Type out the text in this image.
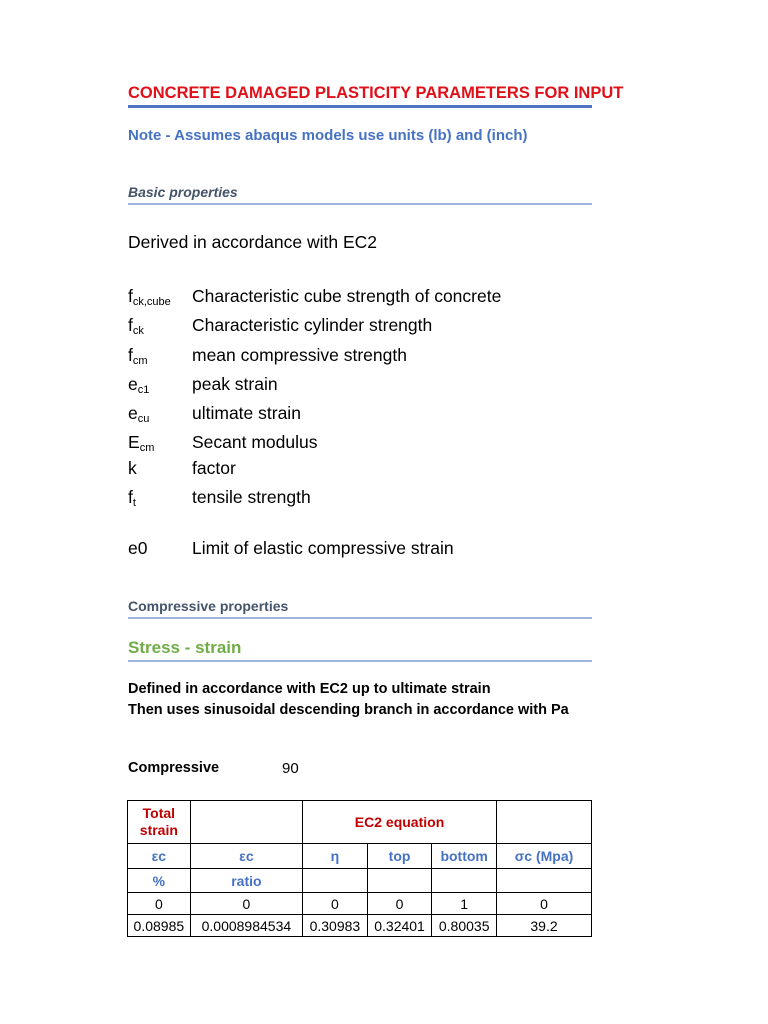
CONCRETE DAMAGED PLASTICITY PARAMETERS FOR INPUT
Note - Assumes abaqus models use units (lb) and (inch)
Basic properties
Derived in accordance with EC2
$f_{ck,cube}$ Characteristic cube strength of concrete
$f_{ck}$	Characteristic cylinder strength
$f_{cm}$	mean compressive strength
$e_{c1}$ peak strain
$e_{cu}$ ultimate strain
$E_{cm}$ Secant modulus
k	factor
$f_t$	tensile strength
e0	Limit of elastic compressive strain
Compressive properties
Stress - strain
Defined in accordance with EC2 up to ultimate strain
Then uses sinusoidal descending branch in accordance with Pa
Compressive	90
Total strain		EC2 equation			
εc	εc	η	top	bottom	σc (Mpa)
%	ratio				
0	0	0	0	1	0
0.08985	0.0008984534	0.30983	0.32401	0.80035	39.2
